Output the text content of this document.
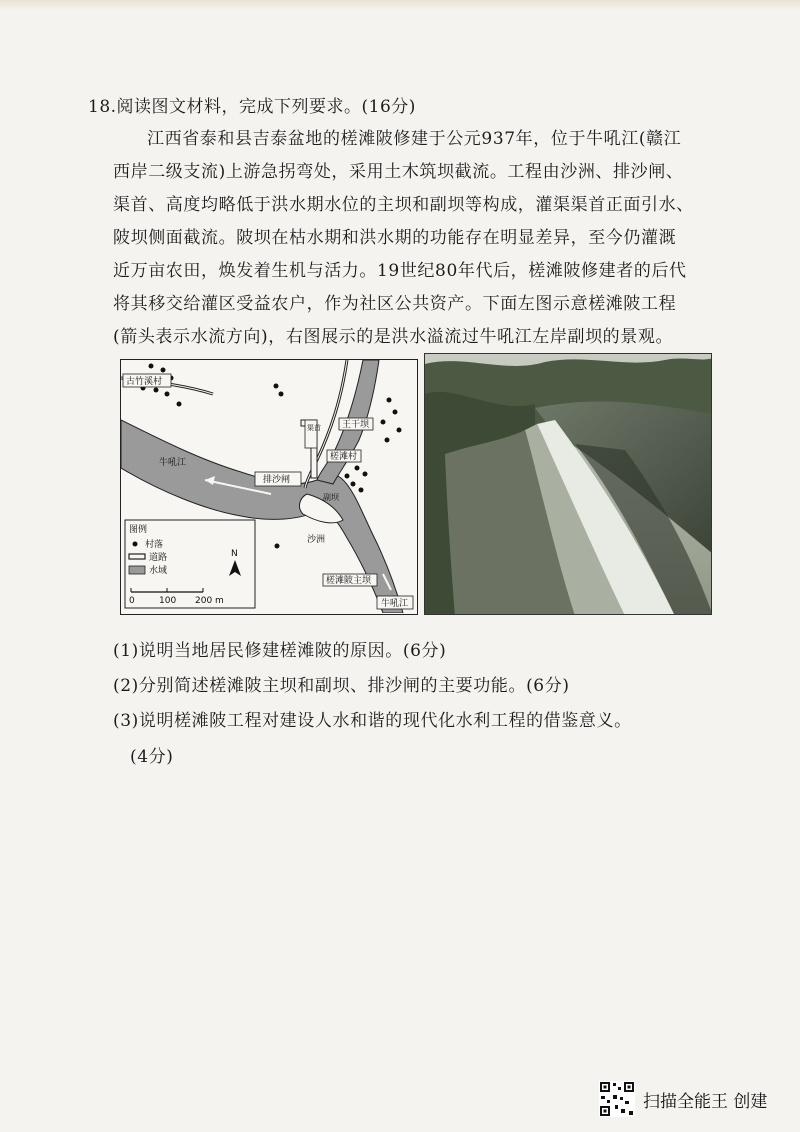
18.阅读图文材料，完成下列要求。(16分)

江西省泰和县吉泰盆地的槎滩陂修建于公元937年，位于牛吼江(赣江
西岸二级支流)上游急拐弯处，采用土木筑坝截流。工程由沙洲、排沙闸、
渠首、高度均略低于洪水期水位的主坝和副坝等构成，灌渠渠首正面引水、
陂坝侧面截流。陂坝在枯水期和洪水期的功能存在明显差异，至今仍灌溉
近万亩农田，焕发着生机与活力。19世纪80年代后，槎滩陂修建者的后代
将其移交给灌区受益农户，作为社区公共资产。下面左图示意槎滩陂工程
(箭头表示水流方向)，右图展示的是洪水溢流过牛吼江左岸副坝的景观。

古竹溪村
牛吼江
渠首 王干坝
槎滩村
排沙闸
副坝
沙洲
槎滩陂主坝
牛吼江
图例
村落
道路
水域
N
0	100 200 m
(1)说明当地居民修建槎滩陂的原因。(6分)
(2)分别简述槎滩陂主坝和副坝、排沙闸的主要功能。(6分)
(3)说明槎滩陂工程对建设人水和谐的现代化水利工程的借鉴意义。
(4分)
扫描全能王 创建
